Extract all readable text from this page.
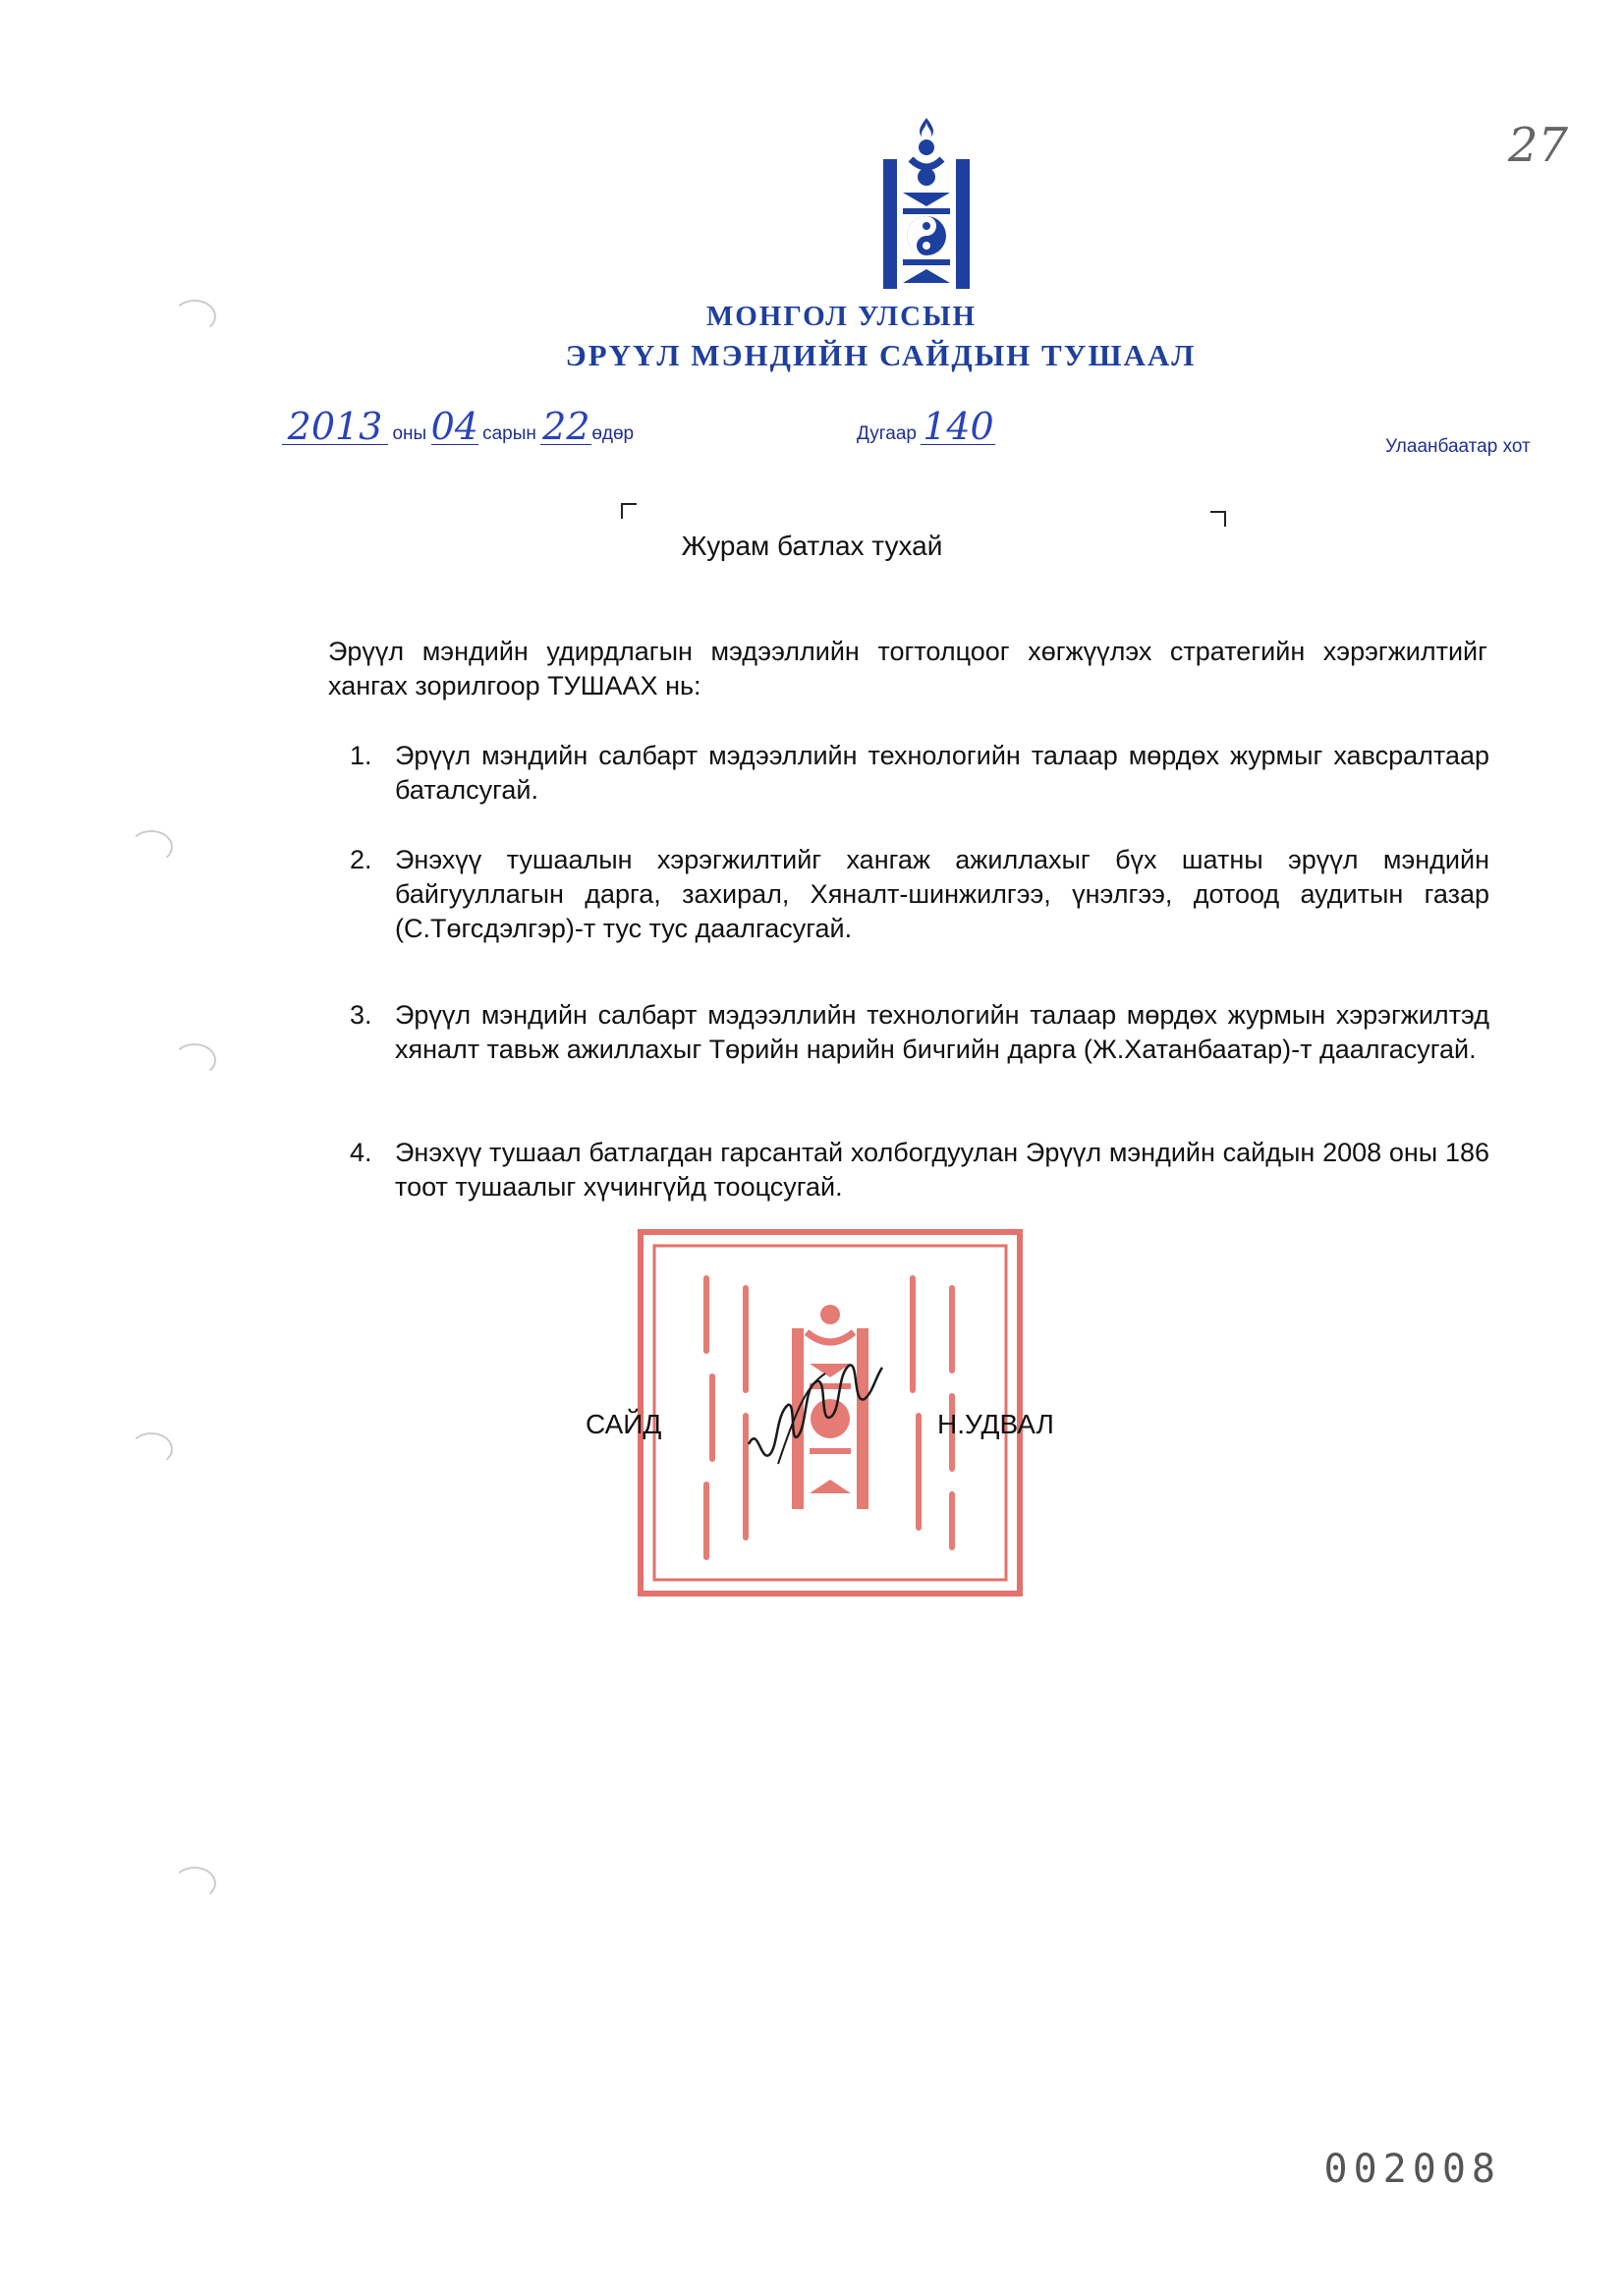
27
МОНГОЛ УЛСЫН
ЭРҮҮЛ МЭНДИЙН САЙДЫН ТУШААЛ
2013 оны 04 сарын 22өдөр	Дугаар 140	Улаанбаатар хот
Журам батлах тухай
Эрүүл мэндийн удирдлагын мэдээллийн тогтолцоог хөгжүүлэх стратегийн хэрэгжилтийг хангах зорилгоор ТУШААХ нь:
1. Эрүүл мэндийн салбарт мэдээллийн технологийн талаар мөрдөх журмыг хавсралтаар баталсугай.
2. Энэхүү тушаалын хэрэгжилтийг хангаж ажиллахыг бүх шатны эрүүл мэндийн байгууллагын дарга, захирал, Хяналт-шинжилгээ, үнэлгээ, дотоод аудитын газар (С.Төгсдэлгэр)-т тус тус даалгасугай.
3. Эрүүл мэндийн салбарт мэдээллийн технологийн талаар мөрдөх журмын хэрэгжилтэд хяналт тавьж ажиллахыг Төрийн нарийн бичгийн дарга (Ж.Хатанбаатар)-т даалгасугай.
4. Энэхүү тушаал батлагдан гарсантай холбогдуулан Эрүүл мэндийн сайдын 2008 оны 186 тоот тушаалыг хүчингүйд тооцсугай.
САЙД	Н.УДВАЛ
002008
